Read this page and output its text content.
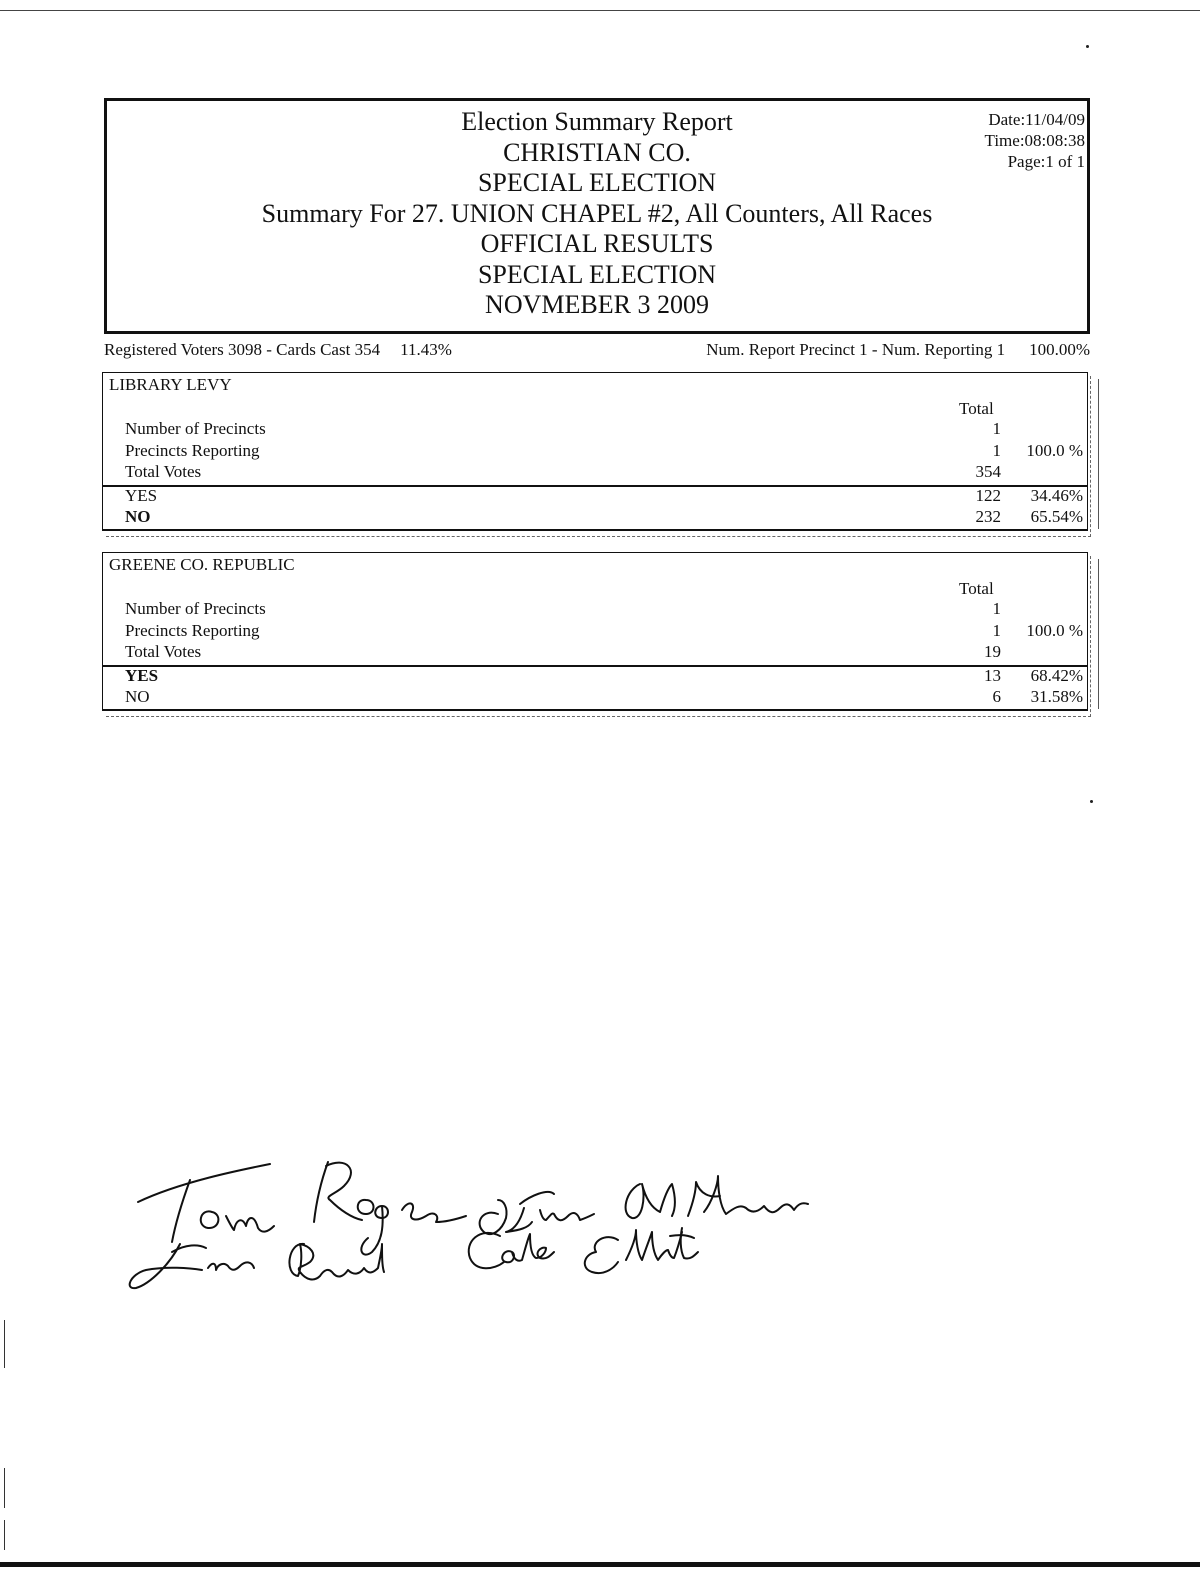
Election Summary Report
CHRISTIAN CO.
SPECIAL ELECTION
Summary For 27. UNION CHAPEL #2, All Counters, All Races
OFFICIAL RESULTS
SPECIAL ELECTION
NOVMEBER 3 2009
Date:11/04/09
Time:08:08:38
Page:1 of 1
Registered Voters 3098 - Cards Cast 354 11.43%	Num. Report Precinct 1 - Num. Reporting 1 100.00%
LIBRARY LEVY
Total
Number of Precincts	1
Precincts Reporting	1 100.0 %
Total Votes	354
YES	122 34.46%
NO	232 65.54%
GREENE CO. REPUBLIC
Total
Number of Precincts	1
Precincts Reporting	1 100.0 %
Total Votes	19
YES	13 68.42%
NO	6 31.58%
